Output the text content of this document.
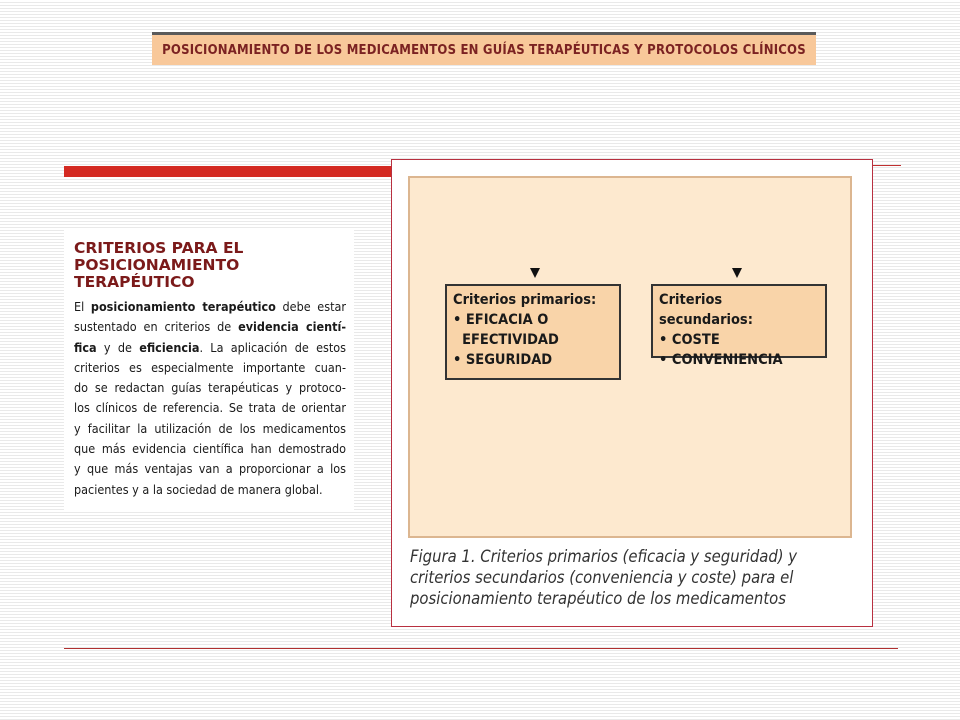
POSICIONAMIENTO DE LOS MEDICAMENTOS EN GUÍAS TERAPÉUTICAS Y PROTOCOLOS CLÍNICOS
CRITERIOS PARA EL
POSICIONAMIENTO
TERAPÉUTICO

El posicionamiento terapéutico debe estar
sustentado en criterios de evidencia cientí-
fica y de eficiencia. La aplicación de estos
criterios es especialmente importante cuan-
do se redactan guías terapéuticas y protoco-
los clínicos de referencia. Se trata de orientar
y facilitar la utilización de los medicamentos
que más evidencia científica han demostrado
y que más ventajas van a proporcionar a los
pacientes y a la sociedad de manera global.

Criterios primarios:
• EFICACIA O
EFECTIVIDAD
• SEGURIDAD
Criterios secundarios:
• COSTE
• CONVENIENCIA

Figura 1. Criterios primarios (eficacia y seguridad) y
criterios secundarios (conveniencia y coste) para el
posicionamiento terapéutico de los medicamentos
